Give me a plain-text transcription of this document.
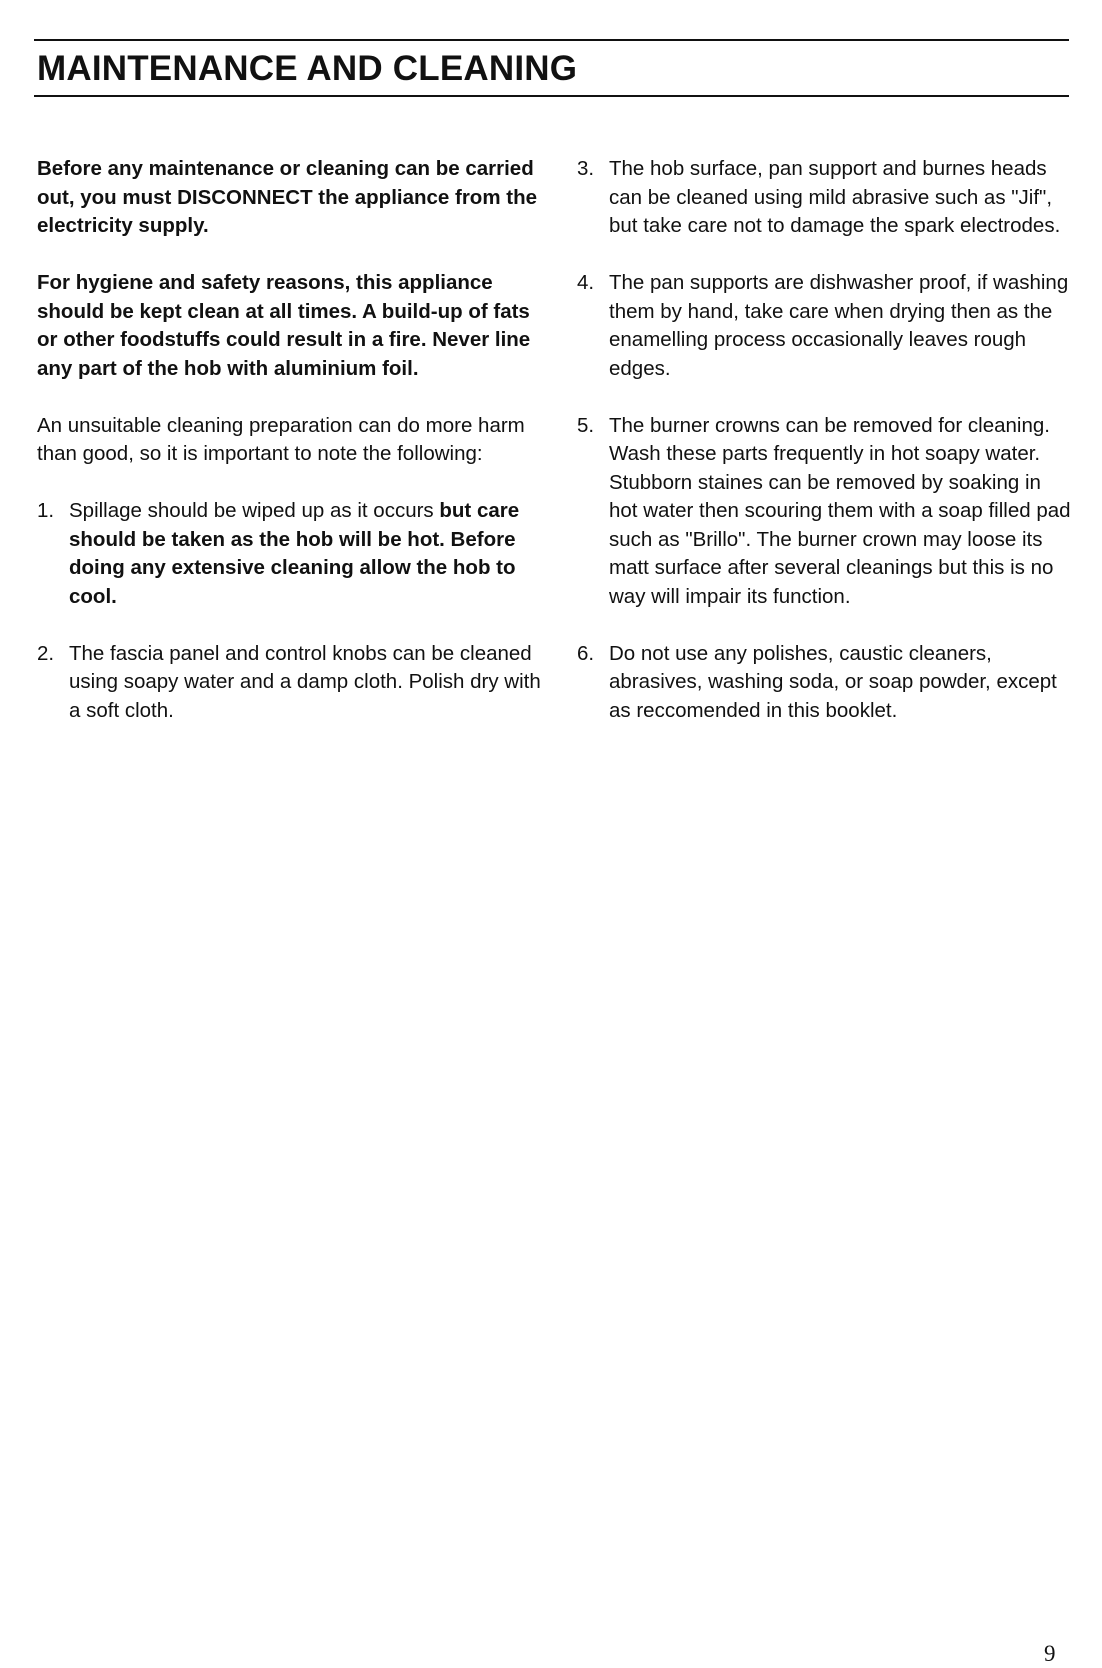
MAINTENANCE AND CLEANING

Before any maintenance or cleaning can be carried out, you must DISCONNECT the appliance from the electricity supply.

For hygiene and safety reasons, this appliance should be kept clean at all times. A build-up of fats or other foodstuffs could result in a fire. Never line any part of the hob with aluminium foil.

An unsuitable cleaning preparation can do more harm than good, so it is important to note the following:

1. Spillage should be wiped up as it occurs but care should be taken as the hob will be hot. Before doing any extensive cleaning allow the hob to cool.
2. The fascia panel and control knobs can be cleaned using soapy water and a damp cloth. Polish dry with a soft cloth.
3. The hob surface, pan support and burnes heads can be cleaned using mild abrasive such as "Jif", but take care not to damage the spark electrodes.
4. The pan supports are dishwasher proof, if washing them by hand, take care when drying then as the enamelling process occasionally leaves rough edges.
5. The burner crowns can be removed for cleaning. Wash these parts frequently in hot soapy water. Stubborn staines can be removed by soaking in hot water then scouring them with a soap filled pad such as "Brillo". The burner crown may loose its matt surface after several cleanings but this is no way will impair its function.
6. Do not use any polishes, caustic cleaners, abrasives, washing soda, or soap powder, except as reccomended in this booklet.
9
